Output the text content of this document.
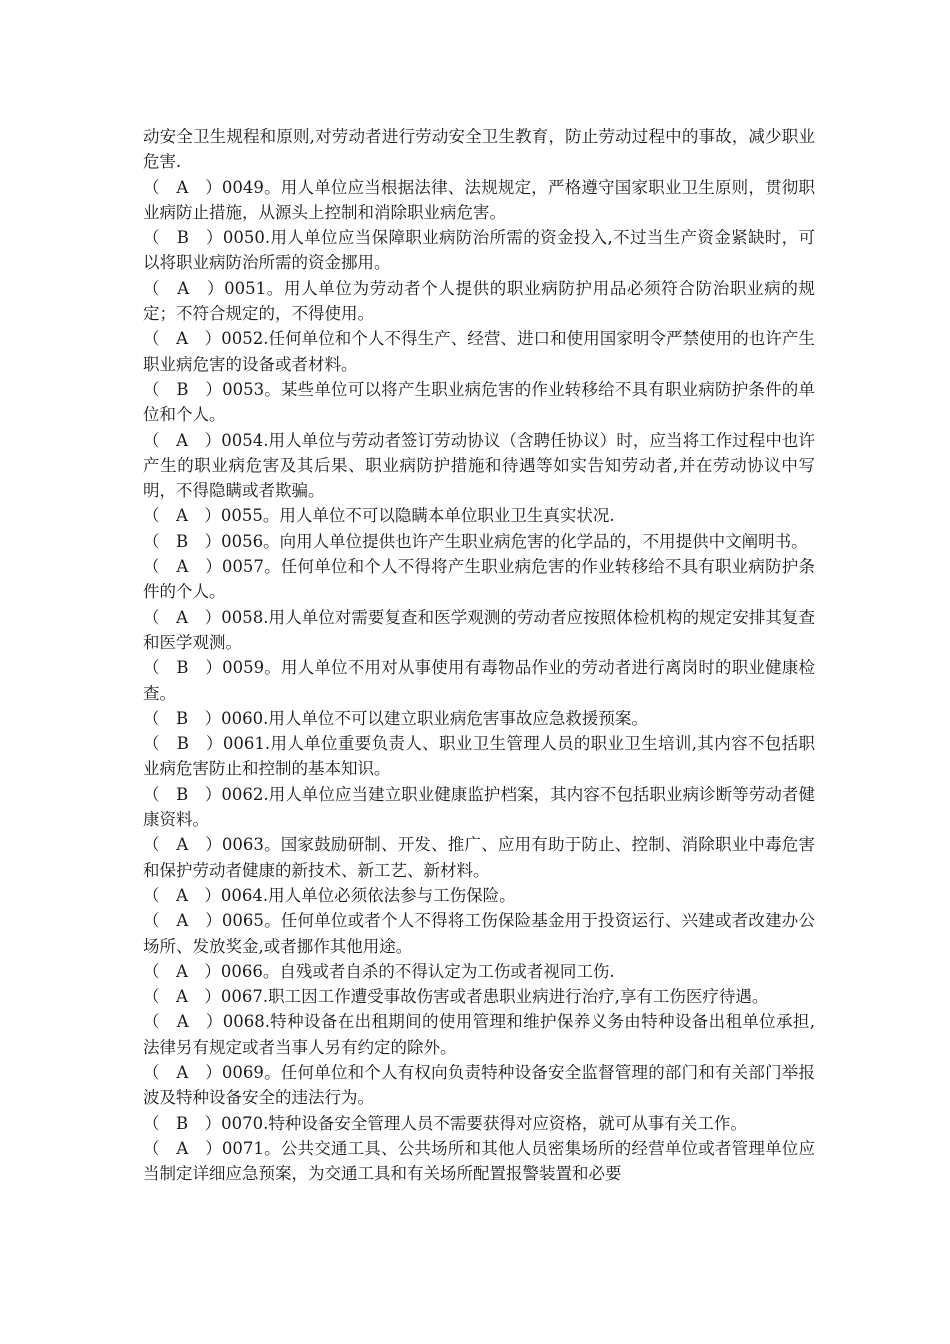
动安全卫生规程和原则,对劳动者进行劳动安全卫生教育，防止劳动过程中的事故，减少职业危害.

（　A　）0049。用人单位应当根据法律、法规规定，严格遵守国家职业卫生原则，贯彻职业病防止措施，从源头上控制和消除职业病危害。

（　B　）0050.用人单位应当保障职业病防治所需的资金投入,不过当生产资金紧缺时，可以将职业病防治所需的资金挪用。

（　A　）0051。用人单位为劳动者个人提供的职业病防护用品必须符合防治职业病的规定；不符合规定的，不得使用。

（　A　）0052.任何单位和个人不得生产、经营、进口和使用国家明令严禁使用的也许产生职业病危害的设备或者材料。

（　B　）0053。某些单位可以将产生职业病危害的作业转移给不具有职业病防护条件的单位和个人。

（　A　）0054.用人单位与劳动者签订劳动协议（含聘任协议）时，应当将工作过程中也许产生的职业病危害及其后果、职业病防护措施和待遇等如实告知劳动者,并在劳动协议中写明，不得隐瞒或者欺骗。

（　A　）0055。用人单位不可以隐瞒本单位职业卫生真实状况.

（　B　）0056。向用人单位提供也许产生职业病危害的化学品的，不用提供中文阐明书。

（　A　）0057。任何单位和个人不得将产生职业病危害的作业转移给不具有职业病防护条件的个人。

（　A　）0058.用人单位对需要复查和医学观测的劳动者应按照体检机构的规定安排其复查和医学观测。

（　B　）0059。用人单位不用对从事使用有毒物品作业的劳动者进行离岗时的职业健康检查。

（　B　）0060.用人单位不可以建立职业病危害事故应急救援预案。

（　B　）0061.用人单位重要负责人、职业卫生管理人员的职业卫生培训,其内容不包括职业病危害防止和控制的基本知识。

（　B　）0062.用人单位应当建立职业健康监护档案，其内容不包括职业病诊断等劳动者健康资料。

（　A　）0063。国家鼓励研制、开发、推广、应用有助于防止、控制、消除职业中毒危害和保护劳动者健康的新技术、新工艺、新材料。

（　A　）0064.用人单位必须依法参与工伤保险。

（　A　）0065。任何单位或者个人不得将工伤保险基金用于投资运行、兴建或者改建办公场所、发放奖金,或者挪作其他用途。

（　A　）0066。自残或者自杀的不得认定为工伤或者视同工伤.

（　A　）0067.职工因工作遭受事故伤害或者患职业病进行治疗,享有工伤医疗待遇。

（　A　）0068.特种设备在出租期间的使用管理和维护保养义务由特种设备出租单位承担,法律另有规定或者当事人另有约定的除外。

（　A　）0069。任何单位和个人有权向负责特种设备安全监督管理的部门和有关部门举报波及特种设备安全的违法行为。

（　B　）0070.特种设备安全管理人员不需要获得对应资格，就可从事有关工作。

（　A　）0071。公共交通工具、公共场所和其他人员密集场所的经营单位或者管理单位应当制定详细应急预案，为交通工具和有关场所配置报警装置和必要
